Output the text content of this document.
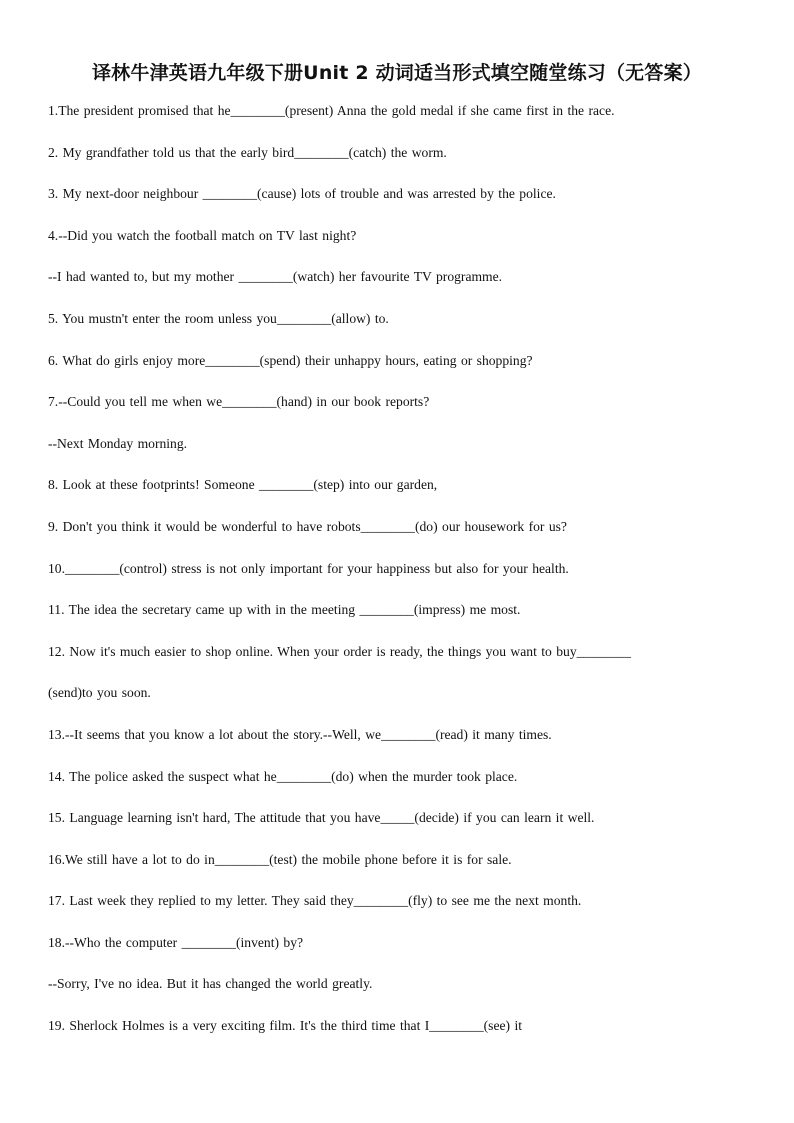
译林牛津英语九年级下册Unit 2 动词适当形式填空随堂练习（无答案）
1.The president promised that he________(present) Anna the gold medal if she came first in the race.
2. My grandfather told us that the early bird________(catch) the worm.
3. My next-door neighbour ________(cause) lots of trouble and was arrested by the police.
4.--Did you watch the football match on TV last night?
--I had wanted to, but my mother ________(watch) her favourite TV programme.
5. You mustn't enter the room unless you________(allow) to.
6. What do girls enjoy more________(spend) their unhappy hours, eating or shopping?
7.--Could you tell me when we________(hand) in our book reports?
--Next Monday morning.
8. Look at these footprints! Someone ________(step) into our garden,
9. Don't you think it would be wonderful to have robots________(do) our housework for us?
10.________(control) stress is not only important for your happiness but also for your health.
11. The idea the secretary came up with in the meeting ________(impress) me most.
12. Now it's much easier to shop online. When your order is ready, the things you want to buy________
(send)to you soon.
13.--It seems that you know a lot about the story.--Well, we________(read) it many times.
14. The police asked the suspect what he________(do) when the murder took place.
15. Language learning isn't hard, The attitude that you have_____(decide) if you can learn it well.
16.We still have a lot to do in________(test) the mobile phone before it is for sale.
17. Last week they replied to my letter. They said they________(fly) to see me the next month.
18.--Who the computer ________(invent) by?
--Sorry, I've no idea. But it has changed the world greatly.
19. Sherlock Holmes is a very exciting film. It's the third time that I________(see) it
